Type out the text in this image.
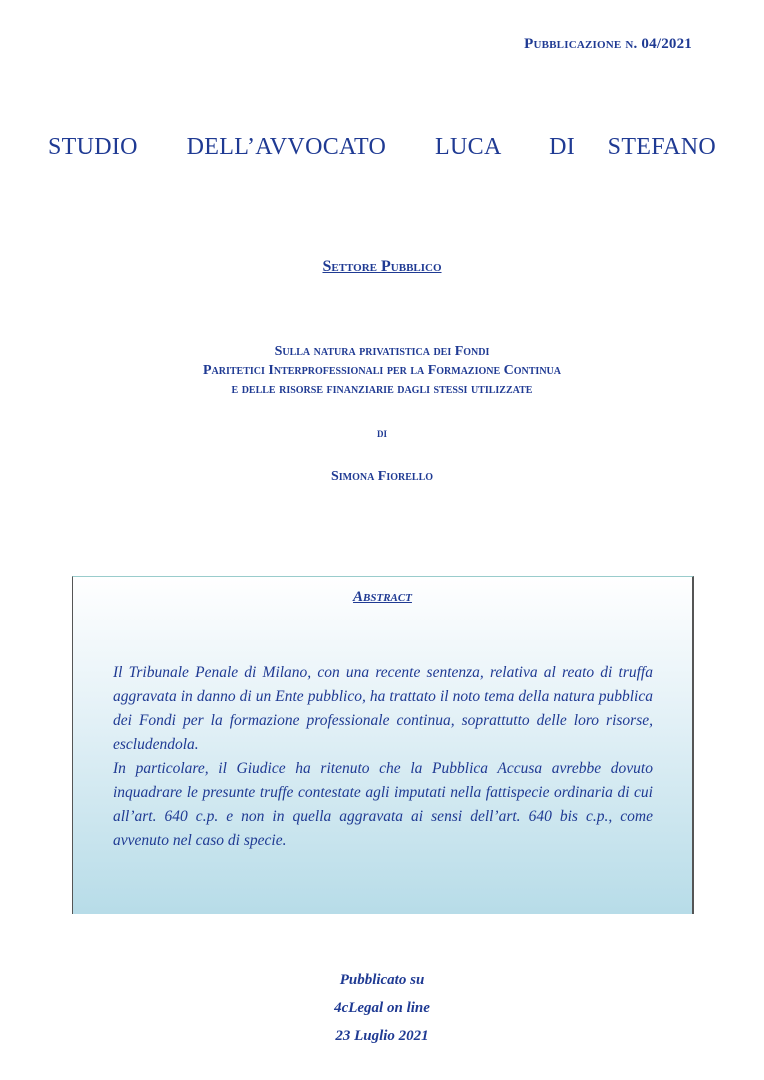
Pubblicazione n. 04/2021
STUDIO   DELL’AVVOCATO   LUCA   DI  STEFANO
Settore Pubblico
Sulla natura privatistica dei Fondi
Paritetici Interprofessionali per la Formazione Continua
e delle risorse finanziarie dagli stessi utilizzate
di
Simona Fiorello
Abstract

Il Tribunale Penale di Milano, con una recente sentenza, relativa al reato di truffa aggravata in danno di un Ente pubblico, ha trattato il noto tema della natura pubblica dei Fondi per la formazione professionale continua, soprattutto delle loro risorse, escludendola.

In particolare, il Giudice ha ritenuto che la Pubblica Accusa avrebbe dovuto inquadrare le presunte truffe contestate agli imputati nella fattispecie ordinaria di cui all’art. 640 c.p. e non in quella aggravata ai sensi dell’art. 640 bis c.p., come avvenuto nel caso di specie.

Pubblicato su
4cLegal on line
23 Luglio 2021
